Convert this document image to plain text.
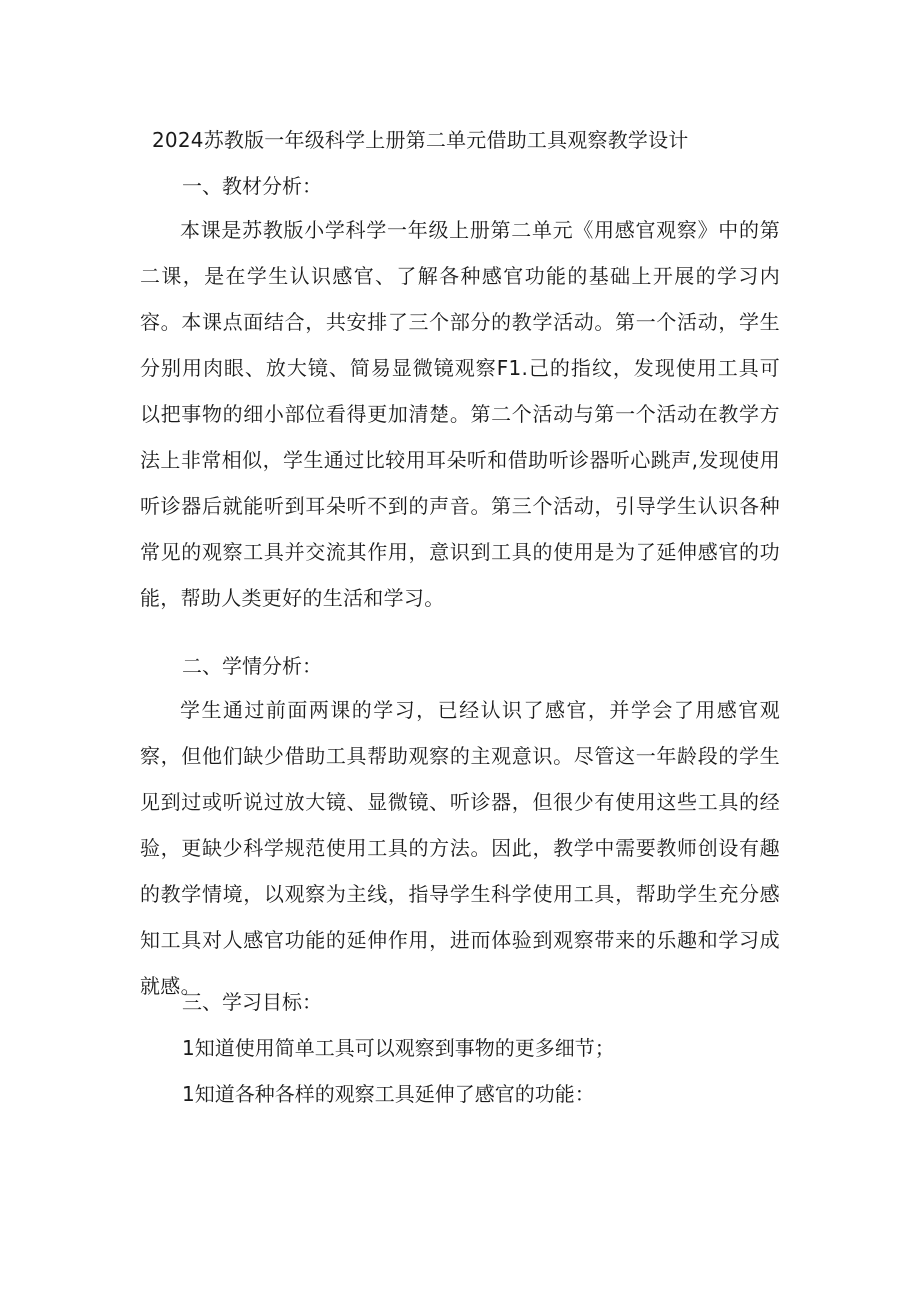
2024苏教版一年级科学上册第二单元借助工具观察教学设计
一、教材分析：

本课是苏教版小学科学一年级上册第二单元《用感官观察》中的第二课，是在学生认识感官、了解各种感官功能的基础上开展的学习内容。本课点面结合，共安排了三个部分的教学活动。第一个活动，学生分别用肉眼、放大镜、简易显微镜观察F1.己的指纹，发现使用工具可以把事物的细小部位看得更加清楚。第二个活动与第一个活动在教学方法上非常相似，学生通过比较用耳朵听和借助听诊器听心跳声,发现使用听诊器后就能听到耳朵听不到的声音。第三个活动，引导学生认识各种常见的观察工具并交流其作用，意识到工具的使用是为了延伸感官的功能，帮助人类更好的生活和学习。

二、学情分析：

学生通过前面两课的学习，已经认识了感官，并学会了用感官观察，但他们缺少借助工具帮助观察的主观意识。尽管这一年龄段的学生见到过或听说过放大镜、显微镜、听诊器，但很少有使用这些工具的经验，更缺少科学规范使用工具的方法。因此，教学中需要教师创设有趣的教学情境，以观察为主线，指导学生科学使用工具，帮助学生充分感知工具对人感官功能的延伸作用，进而体验到观察带来的乐趣和学习成就感。

三、学习目标：
1知道使用简单工具可以观察到事物的更多细节；
1知道各种各样的观察工具延伸了感官的功能：
